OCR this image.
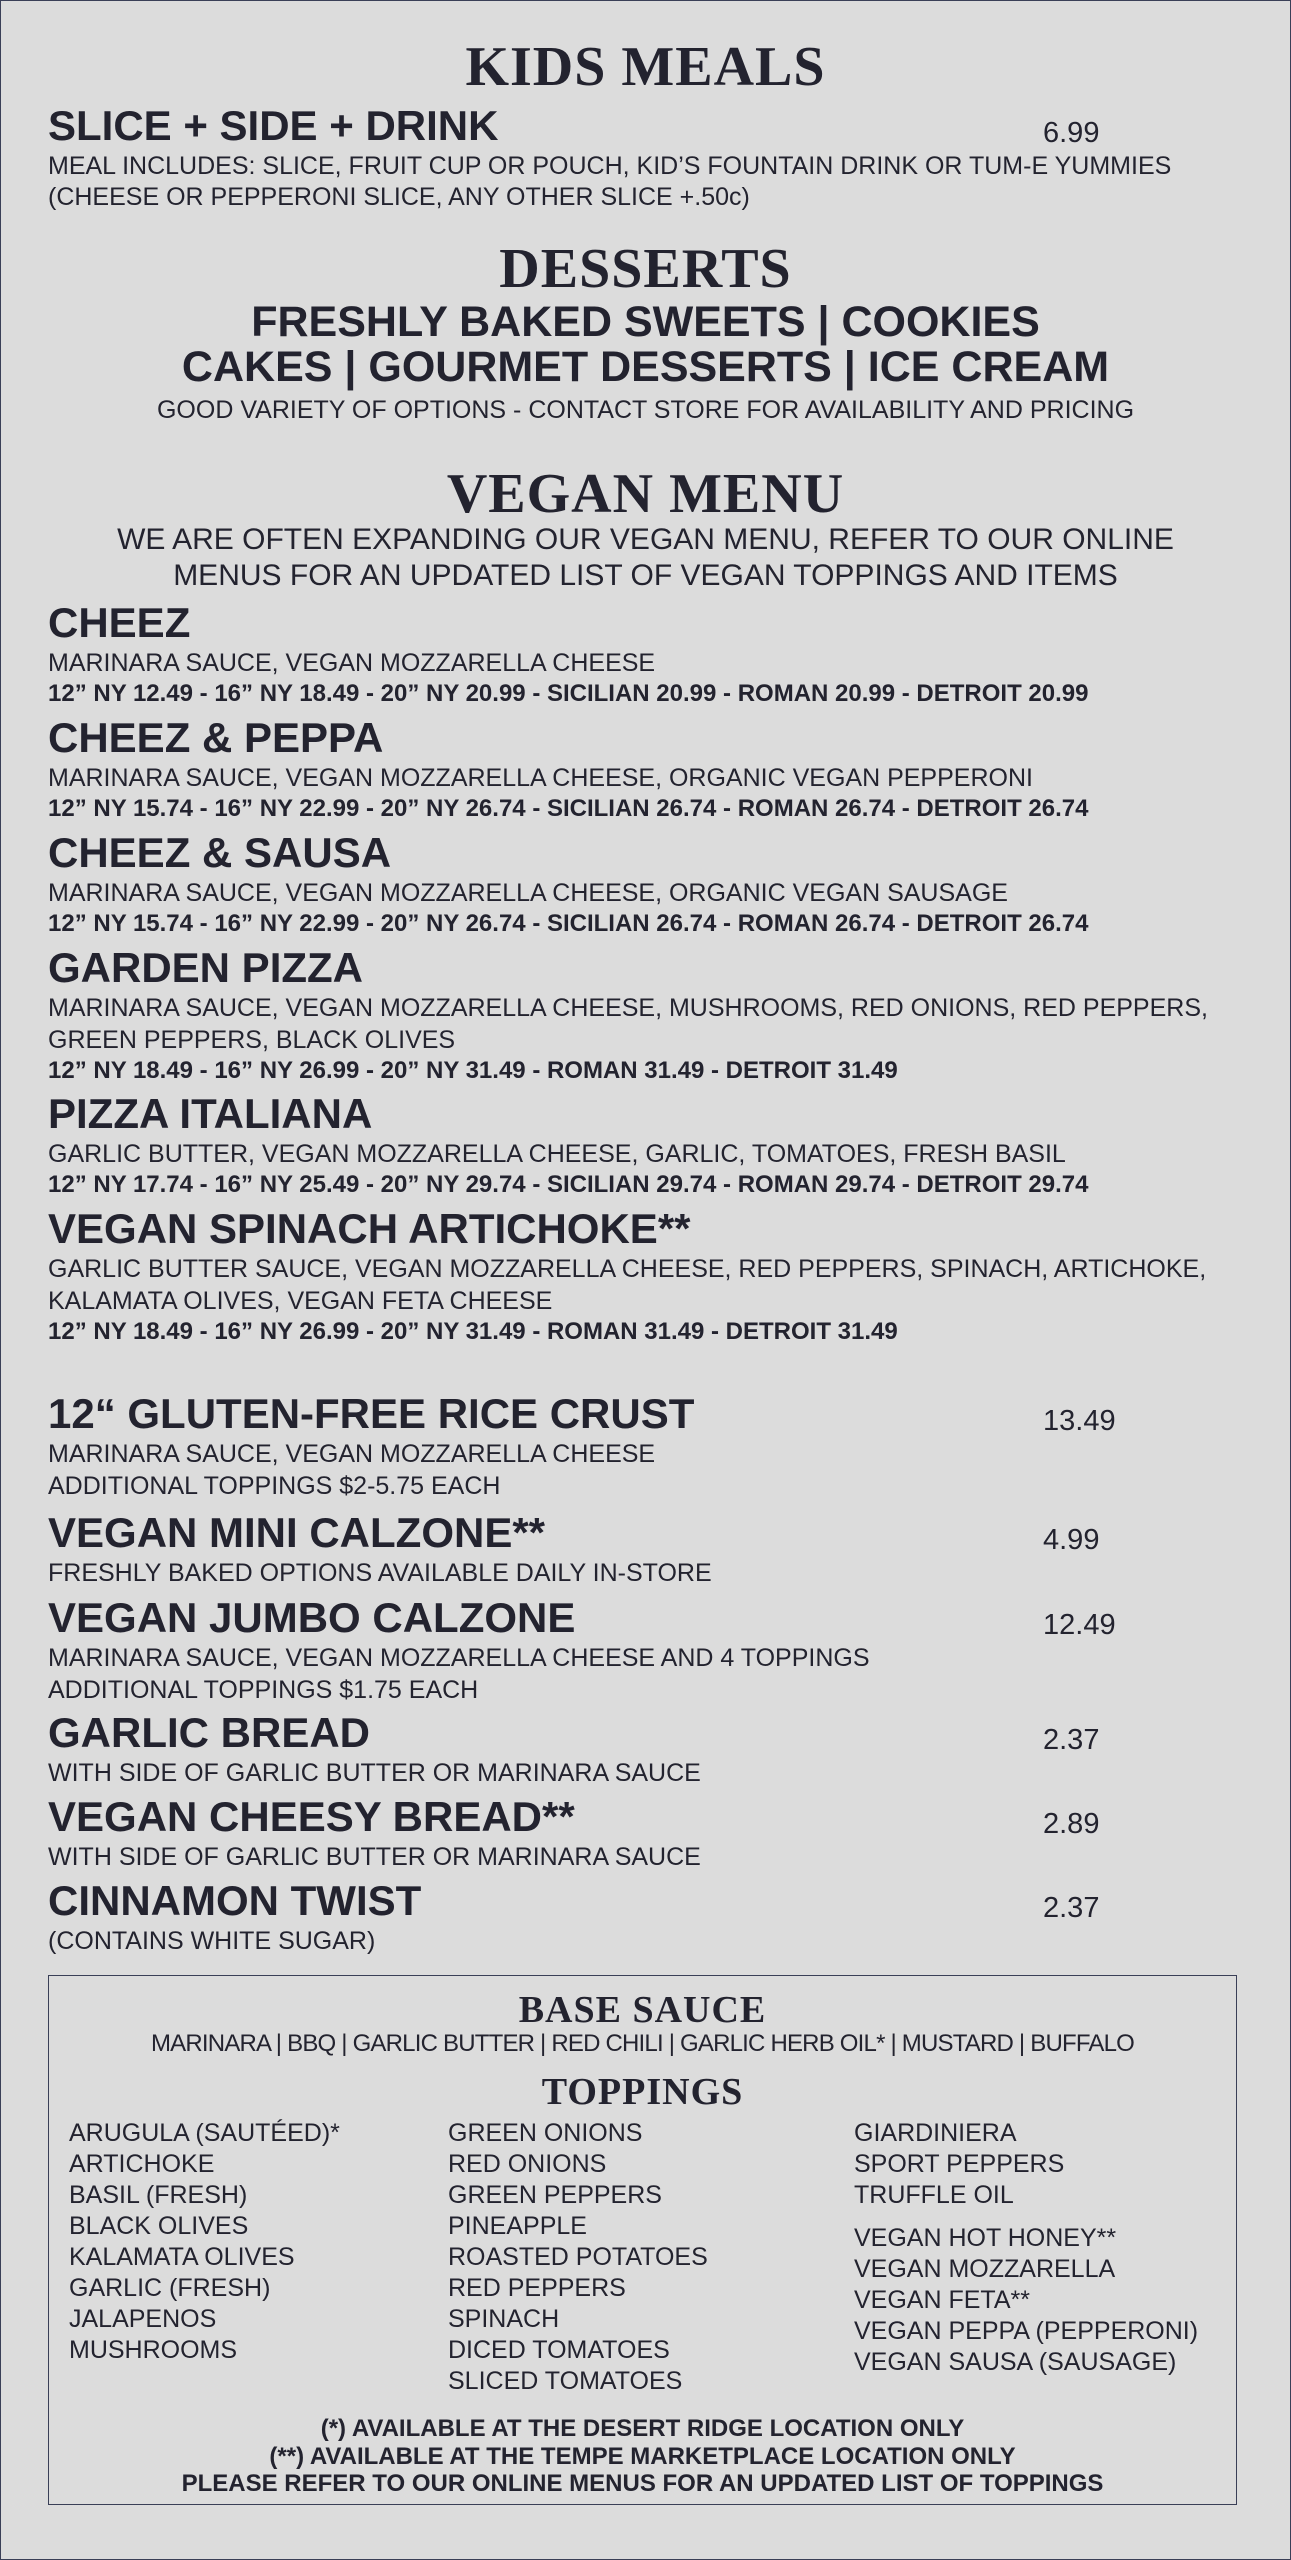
KIDS MEALS
SLICE + SIDE + DRINK	6.99

MEAL INCLUDES: SLICE, FRUIT CUP OR POUCH, KID’S FOUNTAIN DRINK OR TUM-E YUMMIES

(CHEESE OR PEPPERONI SLICE, ANY OTHER SLICE +.50c)

DESSERTS

FRESHLY BAKED SWEETS | COOKIES

CAKES | GOURMET DESSERTS | ICE CREAM

GOOD VARIETY OF OPTIONS - CONTACT STORE FOR AVAILABILITY AND PRICING

VEGAN MENU

WE ARE OFTEN EXPANDING OUR VEGAN MENU, REFER TO OUR ONLINE

MENUS FOR AN UPDATED LIST OF VEGAN TOPPINGS AND ITEMS

CHEEZ

MARINARA SAUCE, VEGAN MOZZARELLA CHEESE

12” NY 12.49 - 16” NY 18.49 - 20” NY 20.99 - SICILIAN 20.99 - ROMAN 20.99 - DETROIT 20.99

CHEEZ & PEPPA

MARINARA SAUCE, VEGAN MOZZARELLA CHEESE, ORGANIC VEGAN PEPPERONI

12” NY 15.74 - 16” NY 22.99 - 20” NY 26.74 - SICILIAN 26.74 - ROMAN 26.74 - DETROIT 26.74

CHEEZ & SAUSA

MARINARA SAUCE, VEGAN MOZZARELLA CHEESE, ORGANIC VEGAN SAUSAGE

12” NY 15.74 - 16” NY 22.99 - 20” NY 26.74 - SICILIAN 26.74 - ROMAN 26.74 - DETROIT 26.74

GARDEN PIZZA

MARINARA SAUCE, VEGAN MOZZARELLA CHEESE, MUSHROOMS, RED ONIONS, RED PEPPERS,

GREEN PEPPERS, BLACK OLIVES

12” NY 18.49 - 16” NY 26.99 - 20” NY 31.49 - ROMAN 31.49 - DETROIT 31.49

PIZZA ITALIANA

GARLIC BUTTER, VEGAN MOZZARELLA CHEESE, GARLIC, TOMATOES, FRESH BASIL

12” NY 17.74 - 16” NY 25.49 - 20” NY 29.74 - SICILIAN 29.74 - ROMAN 29.74 - DETROIT 29.74

VEGAN SPINACH ARTICHOKE**

GARLIC BUTTER SAUCE, VEGAN MOZZARELLA CHEESE, RED PEPPERS, SPINACH, ARTICHOKE,

KALAMATA OLIVES, VEGAN FETA CHEESE

12” NY 18.49 - 16” NY 26.99 - 20” NY 31.49 - ROMAN 31.49 - DETROIT 31.49

12“ GLUTEN-FREE RICE CRUST	13.49

MARINARA SAUCE, VEGAN MOZZARELLA CHEESE

ADDITIONAL TOPPINGS $2-5.75 EACH

VEGAN MINI CALZONE**	4.99

FRESHLY BAKED OPTIONS AVAILABLE DAILY IN-STORE

VEGAN JUMBO CALZONE	12.49

MARINARA SAUCE, VEGAN MOZZARELLA CHEESE AND 4 TOPPINGS

ADDITIONAL TOPPINGS $1.75 EACH

GARLIC BREAD	2.37

WITH SIDE OF GARLIC BUTTER OR MARINARA SAUCE

VEGAN CHEESY BREAD**	2.89

WITH SIDE OF GARLIC BUTTER OR MARINARA SAUCE

CINNAMON TWIST	2.37

(CONTAINS WHITE SUGAR)

BASE SAUCE

MARINARA | BBQ | GARLIC BUTTER | RED CHILI | GARLIC HERB OIL* | MUSTARD | BUFFALO

TOPPINGS

ARUGULA (SAUTÉED)*
ARTICHOKE
BASIL (FRESH)
BLACK OLIVES
KALAMATA OLIVES
GARLIC (FRESH)
JALAPENOS
MUSHROOMS
GREEN ONIONS
RED ONIONS
GREEN PEPPERS
PINEAPPLE
ROASTED POTATOES
RED PEPPERS
SPINACH
DICED TOMATOES
SLICED TOMATOES
GIARDINIERA
SPORT PEPPERS
TRUFFLE OIL
VEGAN HOT HONEY**
VEGAN MOZZARELLA
VEGAN FETA**
VEGAN PEPPA (PEPPERONI)
VEGAN SAUSA (SAUSAGE)

(*) AVAILABLE AT THE DESERT RIDGE LOCATION ONLY

(**) AVAILABLE AT THE TEMPE MARKETPLACE LOCATION ONLY

PLEASE REFER TO OUR ONLINE MENUS FOR AN UPDATED LIST OF TOPPINGS
